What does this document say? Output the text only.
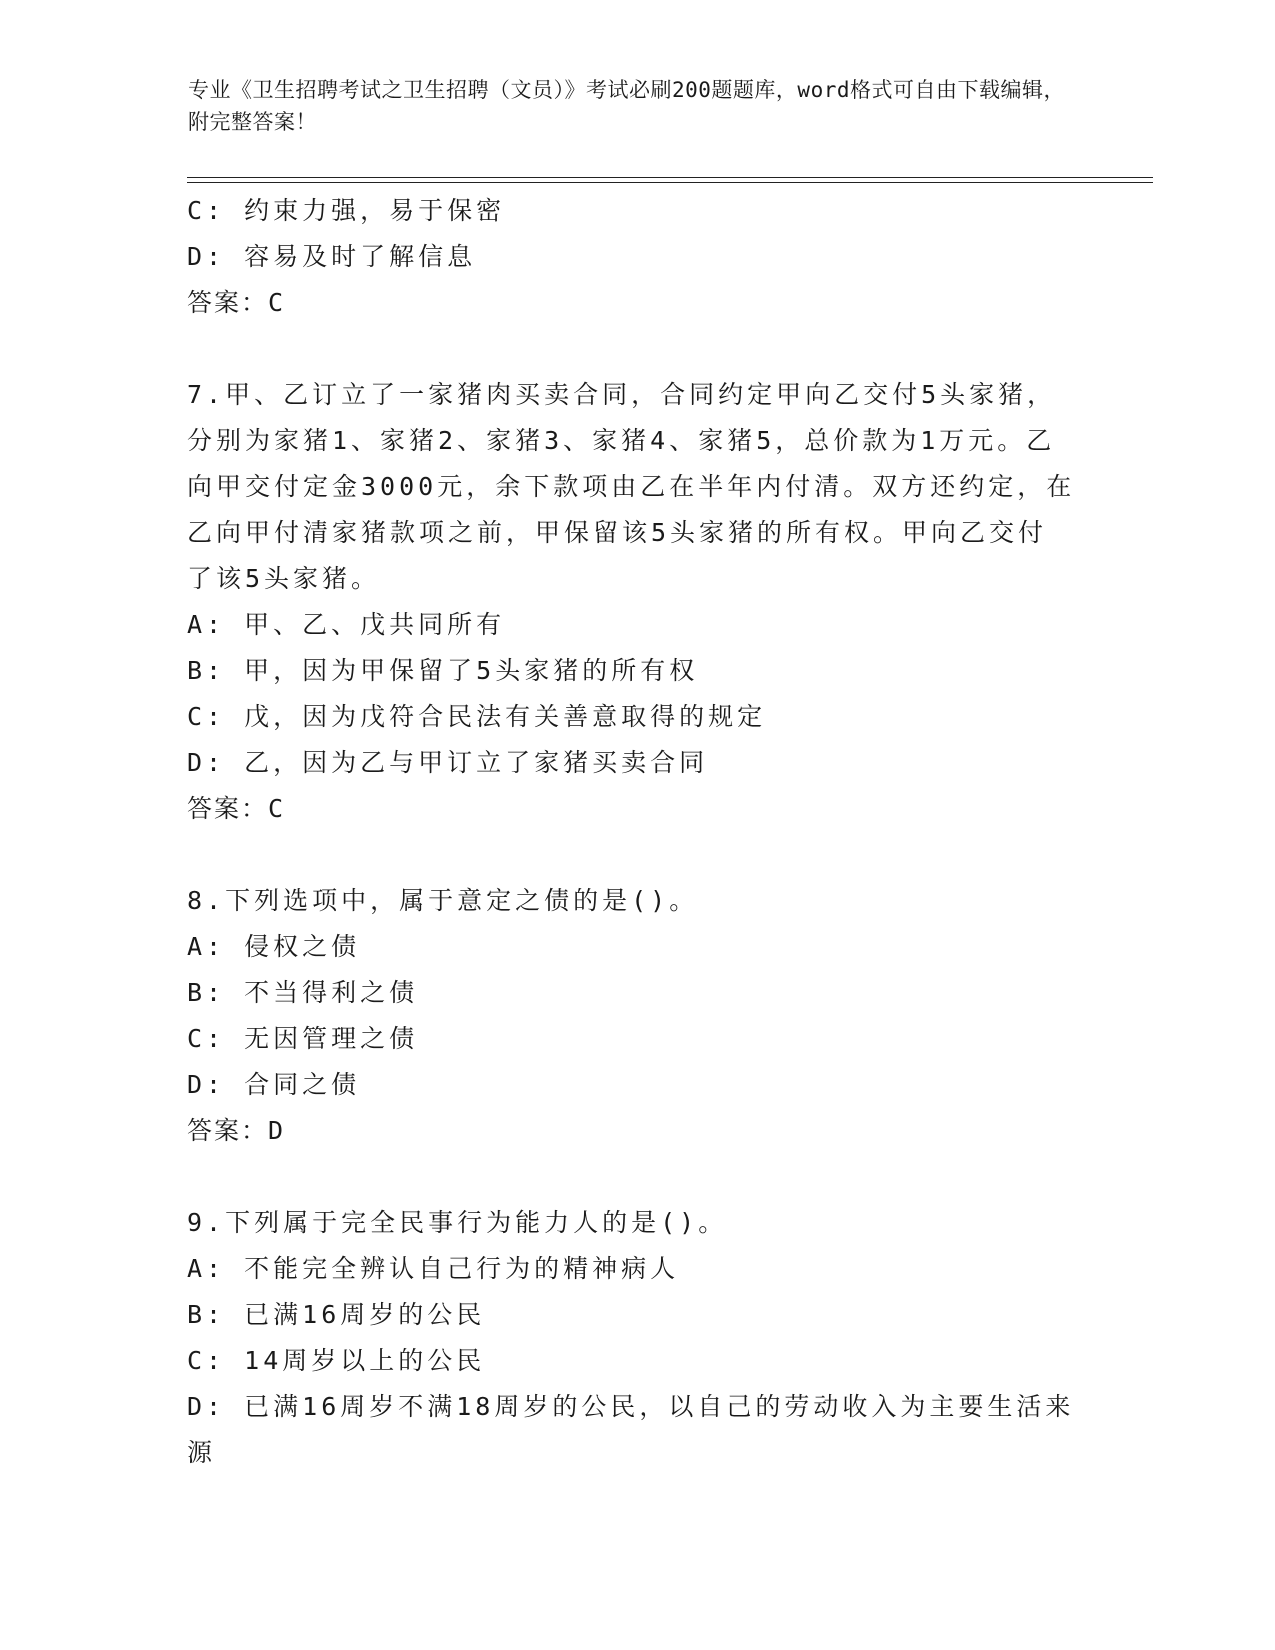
专业《卫生招聘考试之卫生招聘（文员）》考试必刷200题题库，word格式可自由下载编辑，附完整答案！
C: 约束力强，易于保密
D: 容易及时了解信息
答案：C
7.甲、乙订立了一家猪肉买卖合同，合同约定甲向乙交付5头家猪，
分别为家猪1、家猪2、家猪3、家猪4、家猪5，总价款为1万元。乙
向甲交付定金3000元，余下款项由乙在半年内付清。双方还约定，在
乙向甲付清家猪款项之前，甲保留该5头家猪的所有权。甲向乙交付
了该5头家猪。
A: 甲、乙、戊共同所有
B: 甲，因为甲保留了5头家猪的所有权
C: 戊，因为戊符合民法有关善意取得的规定
D: 乙，因为乙与甲订立了家猪买卖合同
答案：C
8.下列选项中，属于意定之债的是()。
A: 侵权之债
B: 不当得利之债
C: 无因管理之债
D: 合同之债
答案：D
9.下列属于完全民事行为能力人的是()。
A: 不能完全辨认自己行为的精神病人
B: 已满16周岁的公民
C: 14周岁以上的公民
D: 已满16周岁不满18周岁的公民，以自己的劳动收入为主要生活来
源
